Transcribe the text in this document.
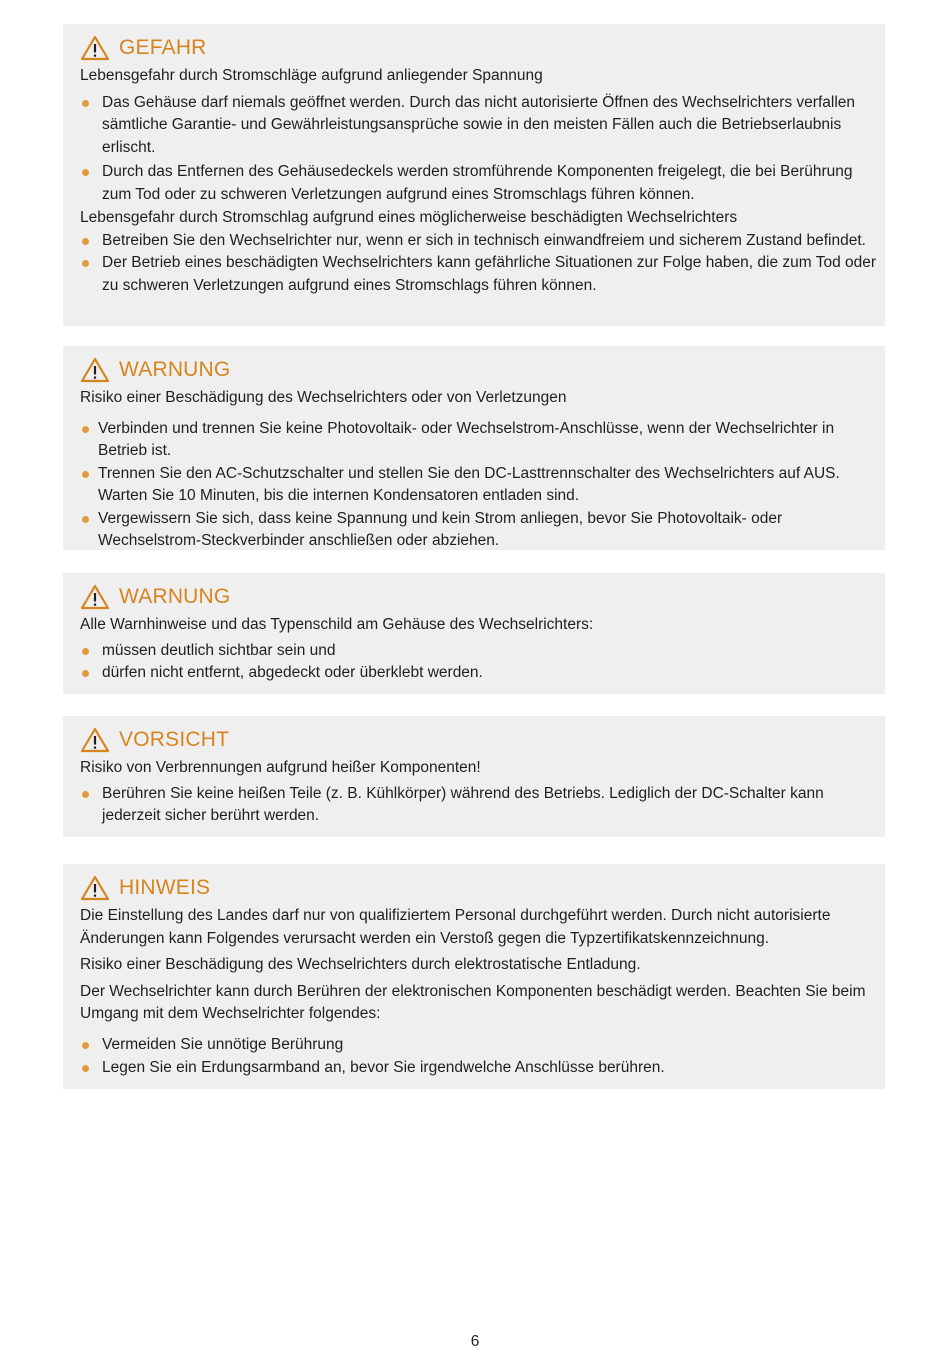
GEFAHR

Lebensgefahr durch Stromschläge aufgrund anliegender Spannung

Das Gehäuse darf niemals geöffnet werden. Durch das nicht autorisierte Öffnen des Wechselrichters verfallen sämtliche Garantie- und Gewährleistungsansprüche sowie in den meisten Fällen auch die Betriebserlaubnis erlischt.
Durch das Entfernen des Gehäusedeckels werden stromführende Komponenten freigelegt, die bei Berührung zum Tod oder zu schweren Verletzungen aufgrund eines Stromschlags führen können.

Lebensgefahr durch Stromschlag aufgrund eines möglicherweise beschädigten Wechselrichters

Betreiben Sie den Wechselrichter nur, wenn er sich in technisch einwandfreiem und sicherem Zustand befindet.
Der Betrieb eines beschädigten Wechselrichters kann gefährliche Situationen zur Folge haben, die zum Tod oder zu schweren Verletzungen aufgrund eines Stromschlags führen können.
WARNUNG

Risiko einer Beschädigung des Wechselrichters oder von Verletzungen

Verbinden und trennen Sie keine Photovoltaik- oder Wechselstrom-Anschlüsse, wenn der Wechselrichter in Betrieb ist.
Trennen Sie den AC-Schutzschalter und stellen Sie den DC-Lasttrennschalter des Wechselrichters auf AUS. Warten Sie 10 Minuten, bis die internen Kondensatoren entladen sind.
Vergewissern Sie sich, dass keine Spannung und kein Strom anliegen, bevor Sie Photovoltaik- oder Wechselstrom-Steckverbinder anschließen oder abziehen.
WARNUNG

Alle Warnhinweise und das Typenschild am Gehäuse des Wechselrichters:

müssen deutlich sichtbar sein und
dürfen nicht entfernt, abgedeckt oder überklebt werden.
VORSICHT

Risiko von Verbrennungen aufgrund heißer Komponenten!

Berühren Sie keine heißen Teile (z. B. Kühlkörper) während des Betriebs. Lediglich der DC-Schalter kann jederzeit sicher berührt werden.
HINWEIS

Die Einstellung des Landes darf nur von qualifiziertem Personal durchgeführt werden. Durch nicht autorisierte Änderungen kann Folgendes verursacht werden ein Verstoß gegen die Typzertifikatskennzeichnung.

Risiko einer Beschädigung des Wechselrichters durch elektrostatische Entladung.

Der Wechselrichter kann durch Berühren der elektronischen Komponenten beschädigt werden. Beachten Sie beim Umgang mit dem Wechselrichter folgendes:

Vermeiden Sie unnötige Berührung
Legen Sie ein Erdungsarmband an, bevor Sie irgendwelche Anschlüsse berühren.
6
